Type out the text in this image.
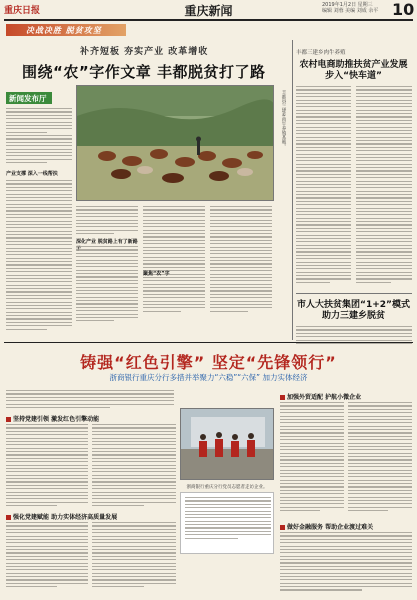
重庆日报	重庆新闻	2019年1月2日 星期三
编辑 刘蓉 美编 刘成 余平 10
决战决胜 脱贫攻坚
补齐短板 夯实产业 改革增收
围绕“农”字作文章 丰都脱贫打了路
新闻发布厅
产业支撑 深入一线帮扶
丰都县三建乡肉牛养殖基地。
深化产业 脱贫路上有了新路
聚焦“农”字
丰都三建乡肉牛养殖
农村电商助推扶贫产业发展步入“快车道”
市人大扶贫集团“1+2”模式助力三建乡脱贫
铸强“红色引擎” 坚定“先锋领行”
浙商银行重庆分行多措并举聚力“六稳”“六保” 加力实体经济
坚持党建引领 激发红色引擎动能
强化党建赋能 助力实体经济高质量发展
浙商银行重庆分行党员志愿者走访企业。
加强外贸适配 护航小微企业
做好金融服务 帮助企业渡过难关
